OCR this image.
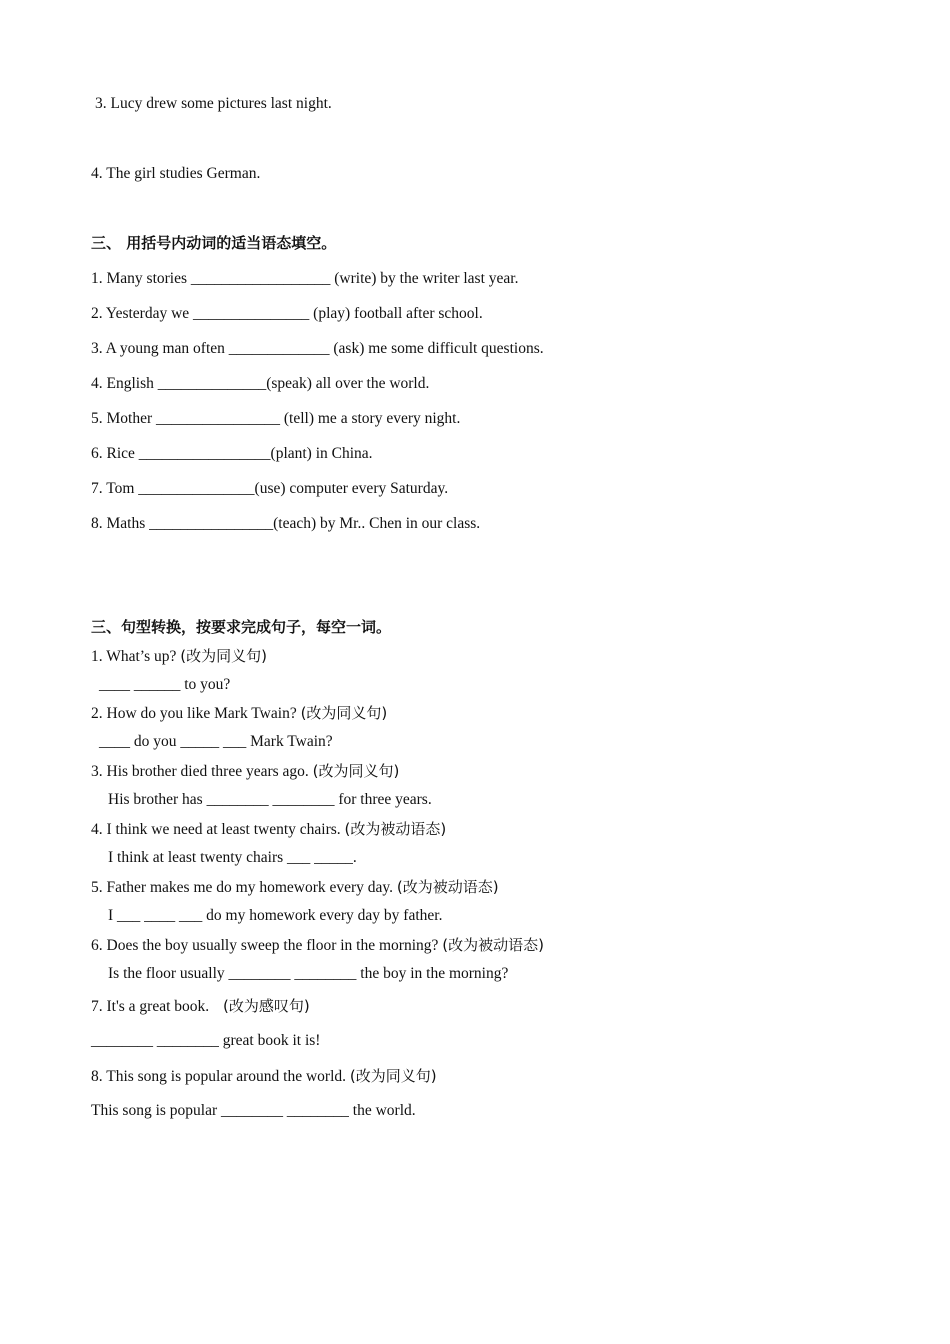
3. Lucy drew some pictures last night.
4. The girl studies German.
三、 用括号内动词的适当语态填空。
1. Many stories __________________ (write) by the writer last year.
2. Yesterday we _______________ (play) football after school.
3. A young man often _____________ (ask) me some difficult questions.
4. English ______________(speak) all over the world.
5. Mother ________________ (tell) me a story every night.
6. Rice _________________(plant) in China.
7. Tom _______________(use) computer every Saturday.
8. Maths ________________(teach) by Mr.. Chen in our class.
三、句型转换，按要求完成句子，每空一词。
1. What’s up? (改为同义句)
____ ______ to you?
2. How do you like Mark Twain? (改为同义句)
____ do you _____ ___ Mark Twain?
3. His brother died three years ago. (改为同义句)
His brother has ________ ________ for three years.
4. I think we need at least twenty chairs. (改为被动语态)
I think at least twenty chairs ___ _____.
5. Father makes me do my homework every day. (改为被动语态)
I ___ ____ ___ do my homework every day by father.
6. Does the boy usually sweep the floor in the morning? (改为被动语态)
Is the floor usually ________ ________ the boy in the morning?
7. It's a great book. (改为感叹句)
________ ________ great book it is!
8. This song is popular around the world. (改为同义句)
This song is popular ________ ________ the world.
